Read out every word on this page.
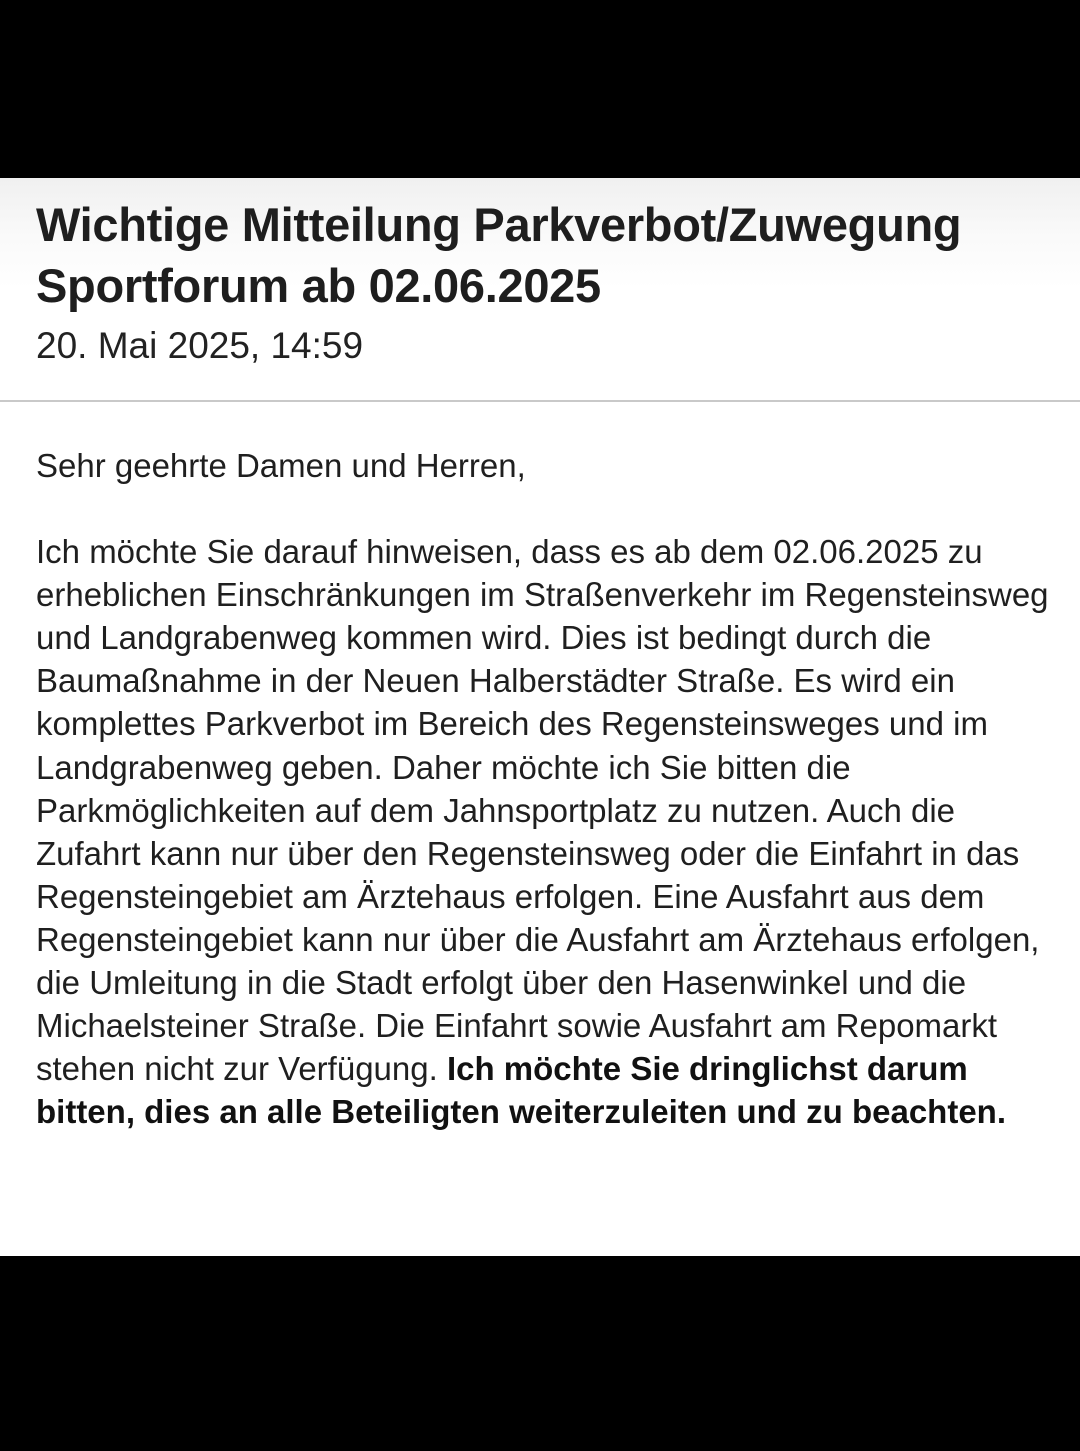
Wichtige Mitteilung Parkverbot/Zuwegung Sportforum ab 02.06.2025
20. Mai 2025, 14:59

Sehr geehrte Damen und Herren,

Ich möchte Sie darauf hinweisen, dass es ab dem 02.06.2025 zu erheblichen Einschränkungen im Straßenverkehr im Regensteinsweg und Landgrabenweg kommen wird. Dies ist bedingt durch die Baumaßnahme in der Neuen Halberstädter Straße. Es wird ein komplettes Parkverbot im Bereich des Regensteinsweges und im Landgrabenweg geben. Daher möchte ich Sie bitten die Parkmöglichkeiten auf dem Jahnsportplatz zu nutzen. Auch die Zufahrt kann nur über den Regensteinsweg oder die Einfahrt in das Regensteingebiet am Ärztehaus erfolgen. Eine Ausfahrt aus dem Regensteingebiet kann nur über die Ausfahrt am Ärztehaus erfolgen, die Umleitung in die Stadt erfolgt über den Hasenwinkel und die Michaelsteiner Straße. Die Einfahrt sowie Ausfahrt am Repomarkt stehen nicht zur Verfügung. Ich möchte Sie dringlichst darum bitten, dies an alle Beteiligten weiterzuleiten und zu beachten.
